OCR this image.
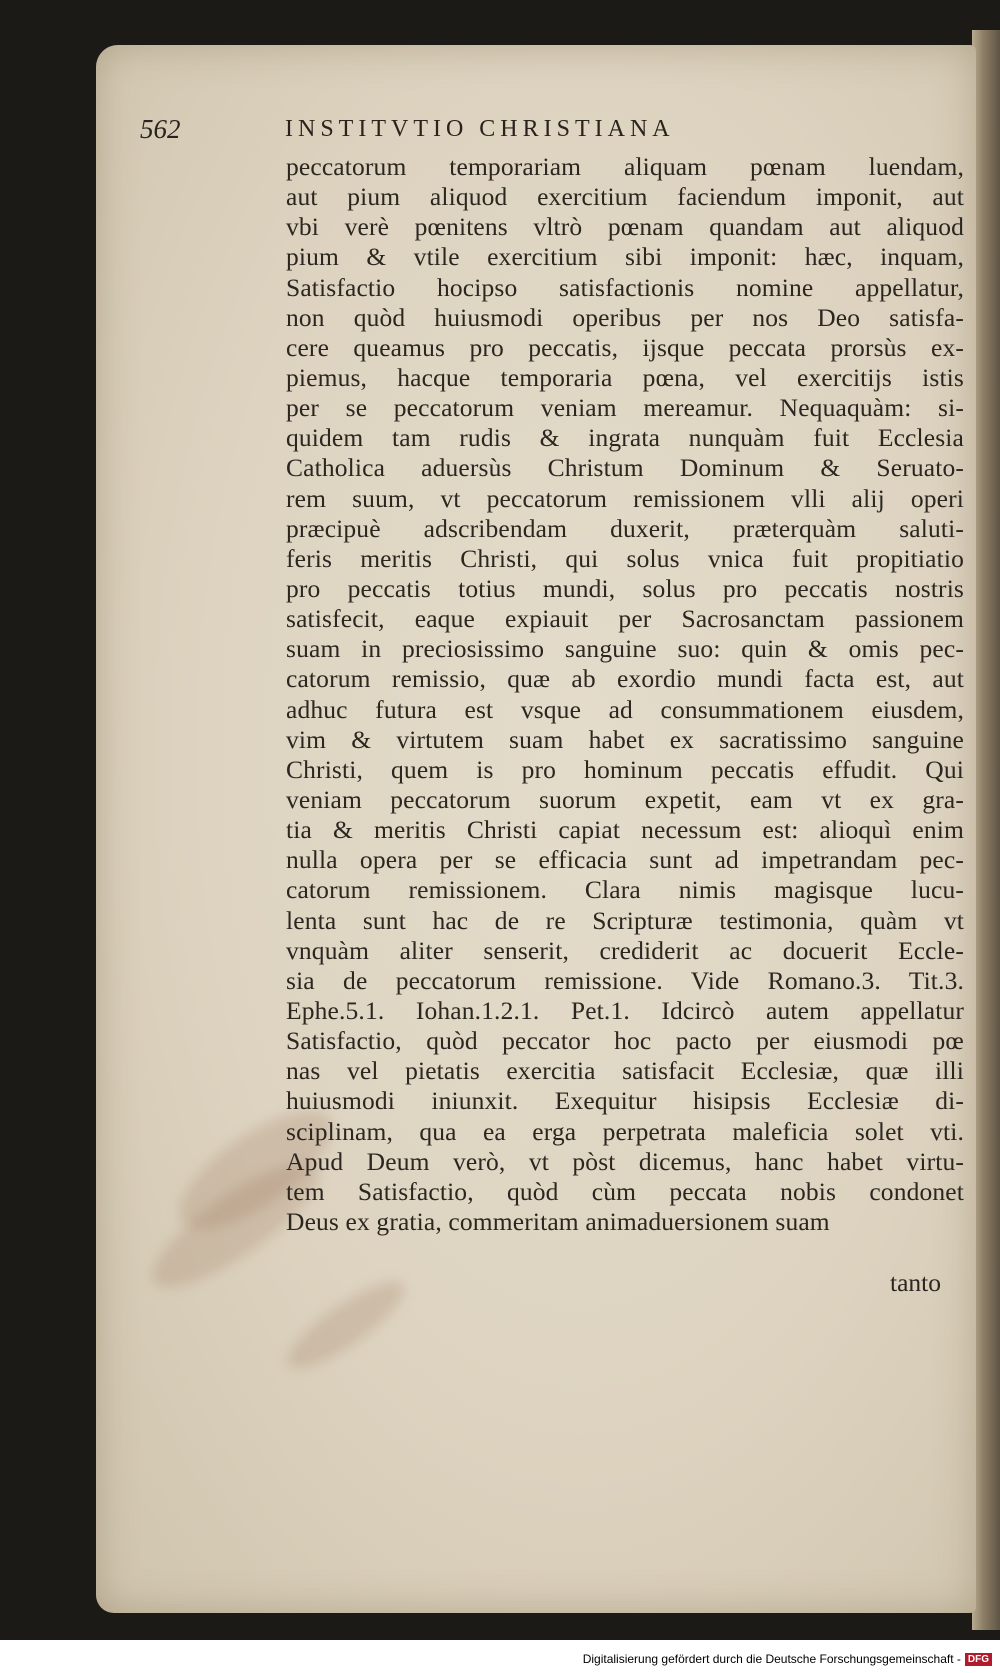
562	INSTITVTIO CHRISTIANA
peccatorum temporariam aliquam pœnam luendam,
aut pium aliquod exercitium faciendum imponit, aut
vbi verè pœnitens vltrò pœnam quandam aut aliquod
pium & vtile exercitium sibi imponit: hæc, inquam,
Satisfactio hocipso satisfactionis nomine appellatur,
non quòd huiusmodi operibus per nos Deo satisfa-
cere queamus pro peccatis, ijsque peccata prorsùs ex-
piemus, hacque temporaria pœna, vel exercitijs istis
per se peccatorum veniam mereamur. Nequaquàm: si-
quidem tam rudis & ingrata nunquàm fuit Ecclesia
Catholica aduersùs Christum Dominum & Seruato-
rem suum, vt peccatorum remissionem vlli alij operi
præcipuè adscribendam duxerit, præterquàm saluti-
feris meritis Christi, qui solus vnica fuit propitiatio
pro peccatis totius mundi, solus pro peccatis nostris
satisfecit, eaque expiauit per Sacrosanctam passionem
suam in preciosissimo sanguine suo: quin & omis pec-
catorum remissio, quæ ab exordio mundi facta est, aut
adhuc futura est vsque ad consummationem eiusdem,
vim & virtutem suam habet ex sacratissimo sanguine
Christi, quem is pro hominum peccatis effudit. Qui
veniam peccatorum suorum expetit, eam vt ex gra-
tia & meritis Christi capiat necessum est: alioquì enim
nulla opera per se efficacia sunt ad impetrandam pec-
catorum remissionem. Clara nimis magisque lucu-
lenta sunt hac de re Scripturæ testimonia, quàm vt
vnquàm aliter senserit, crediderit ac docuerit Eccle-
sia de peccatorum remissione. Vide Romano.3. Tit.3.
Ephe.5.1. Iohan.1.2.1. Pet.1. Idcircò autem appellatur
Satisfactio, quòd peccator hoc pacto per eiusmodi pœ
nas vel pietatis exercitia satisfacit Ecclesiæ, quæ illi
huiusmodi iniunxit. Exequitur hisipsis Ecclesiæ di-
sciplinam, qua ea erga perpetrata maleficia solet vti.
Apud Deum verò, vt pòst dicemus, hanc habet virtu-
tem Satisfactio, quòd cùm peccata nobis condonet
Deus ex gratia, commeritam animaduersionem suam
tanto
Digitalisierung gefördert durch die Deutsche Forschungsgemeinschaft - DFG
